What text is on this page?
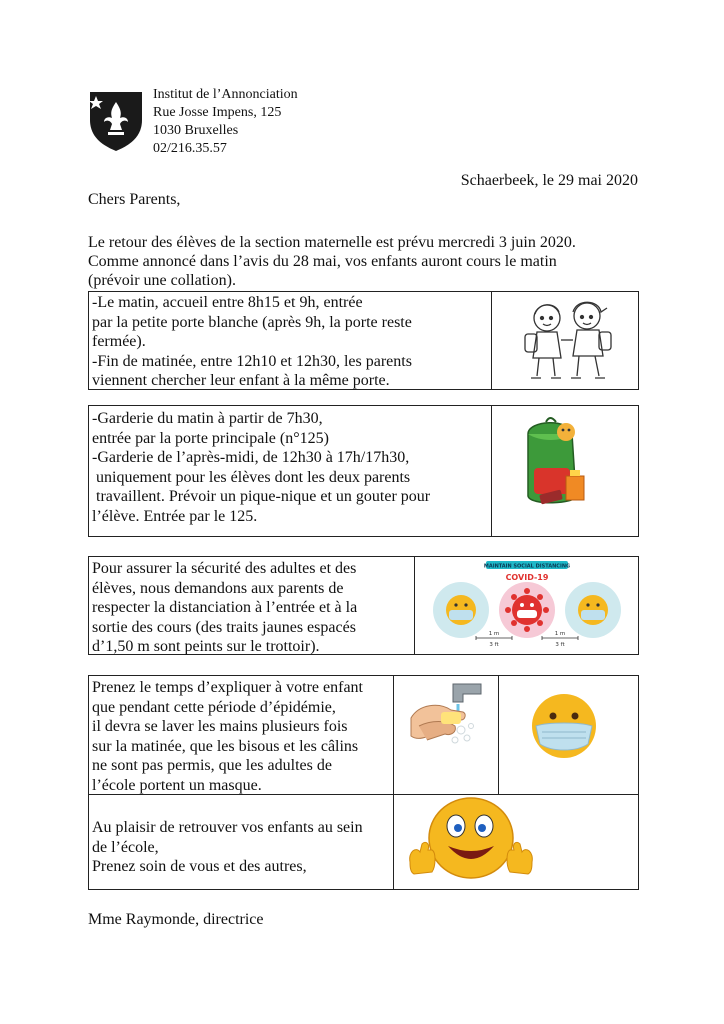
Institut de l’Annonciation
Rue Josse Impens, 125
1030 Bruxelles
02/216.35.57
Schaerbeek, le 29 mai 2020
Chers Parents,
Le retour des élèves de la section maternelle est prévu mercredi 3 juin 2020.
Comme annoncé dans l’avis du 28 mai, vos enfants auront cours le matin
(prévoir une collation).
-Le matin, accueil entre 8h15 et 9h, entrée
par la petite porte blanche (après 9h, la porte reste
fermée).
-Fin de matinée, entre 12h10 et 12h30, les parents
viennent chercher leur enfant à la même porte.
-Garderie du matin à partir de 7h30,
entrée par la porte principale (n°125)
-Garderie de l’après-midi, de 12h30 à 17h/17h30,
uniquement pour les élèves dont les deux parents
travaillent. Prévoir un pique-nique et un gouter pour
l’élève. Entrée par le 125.
Pour assurer la sécurité des adultes et des
élèves, nous demandons aux parents de
respecter la distanciation à l’entrée et à la
sortie des cours (des traits jaunes espacés
d’1,50 m sont peints sur le trottoir).
MAINTAIN SOCIAL DISTANCING
COVID-19
1 m
3 ft
1 m
3 ft
Prenez le temps d’expliquer à votre enfant
que pendant cette période d’épidémie,
il devra se laver les mains plusieurs fois
sur la matinée, que les bisous et les câlins
ne sont pas permis, que les adultes de
l’école portent un masque.
Au plaisir de retrouver vos enfants au sein
de l’école,
Prenez soin de vous et des autres,
Mme Raymonde, directrice
